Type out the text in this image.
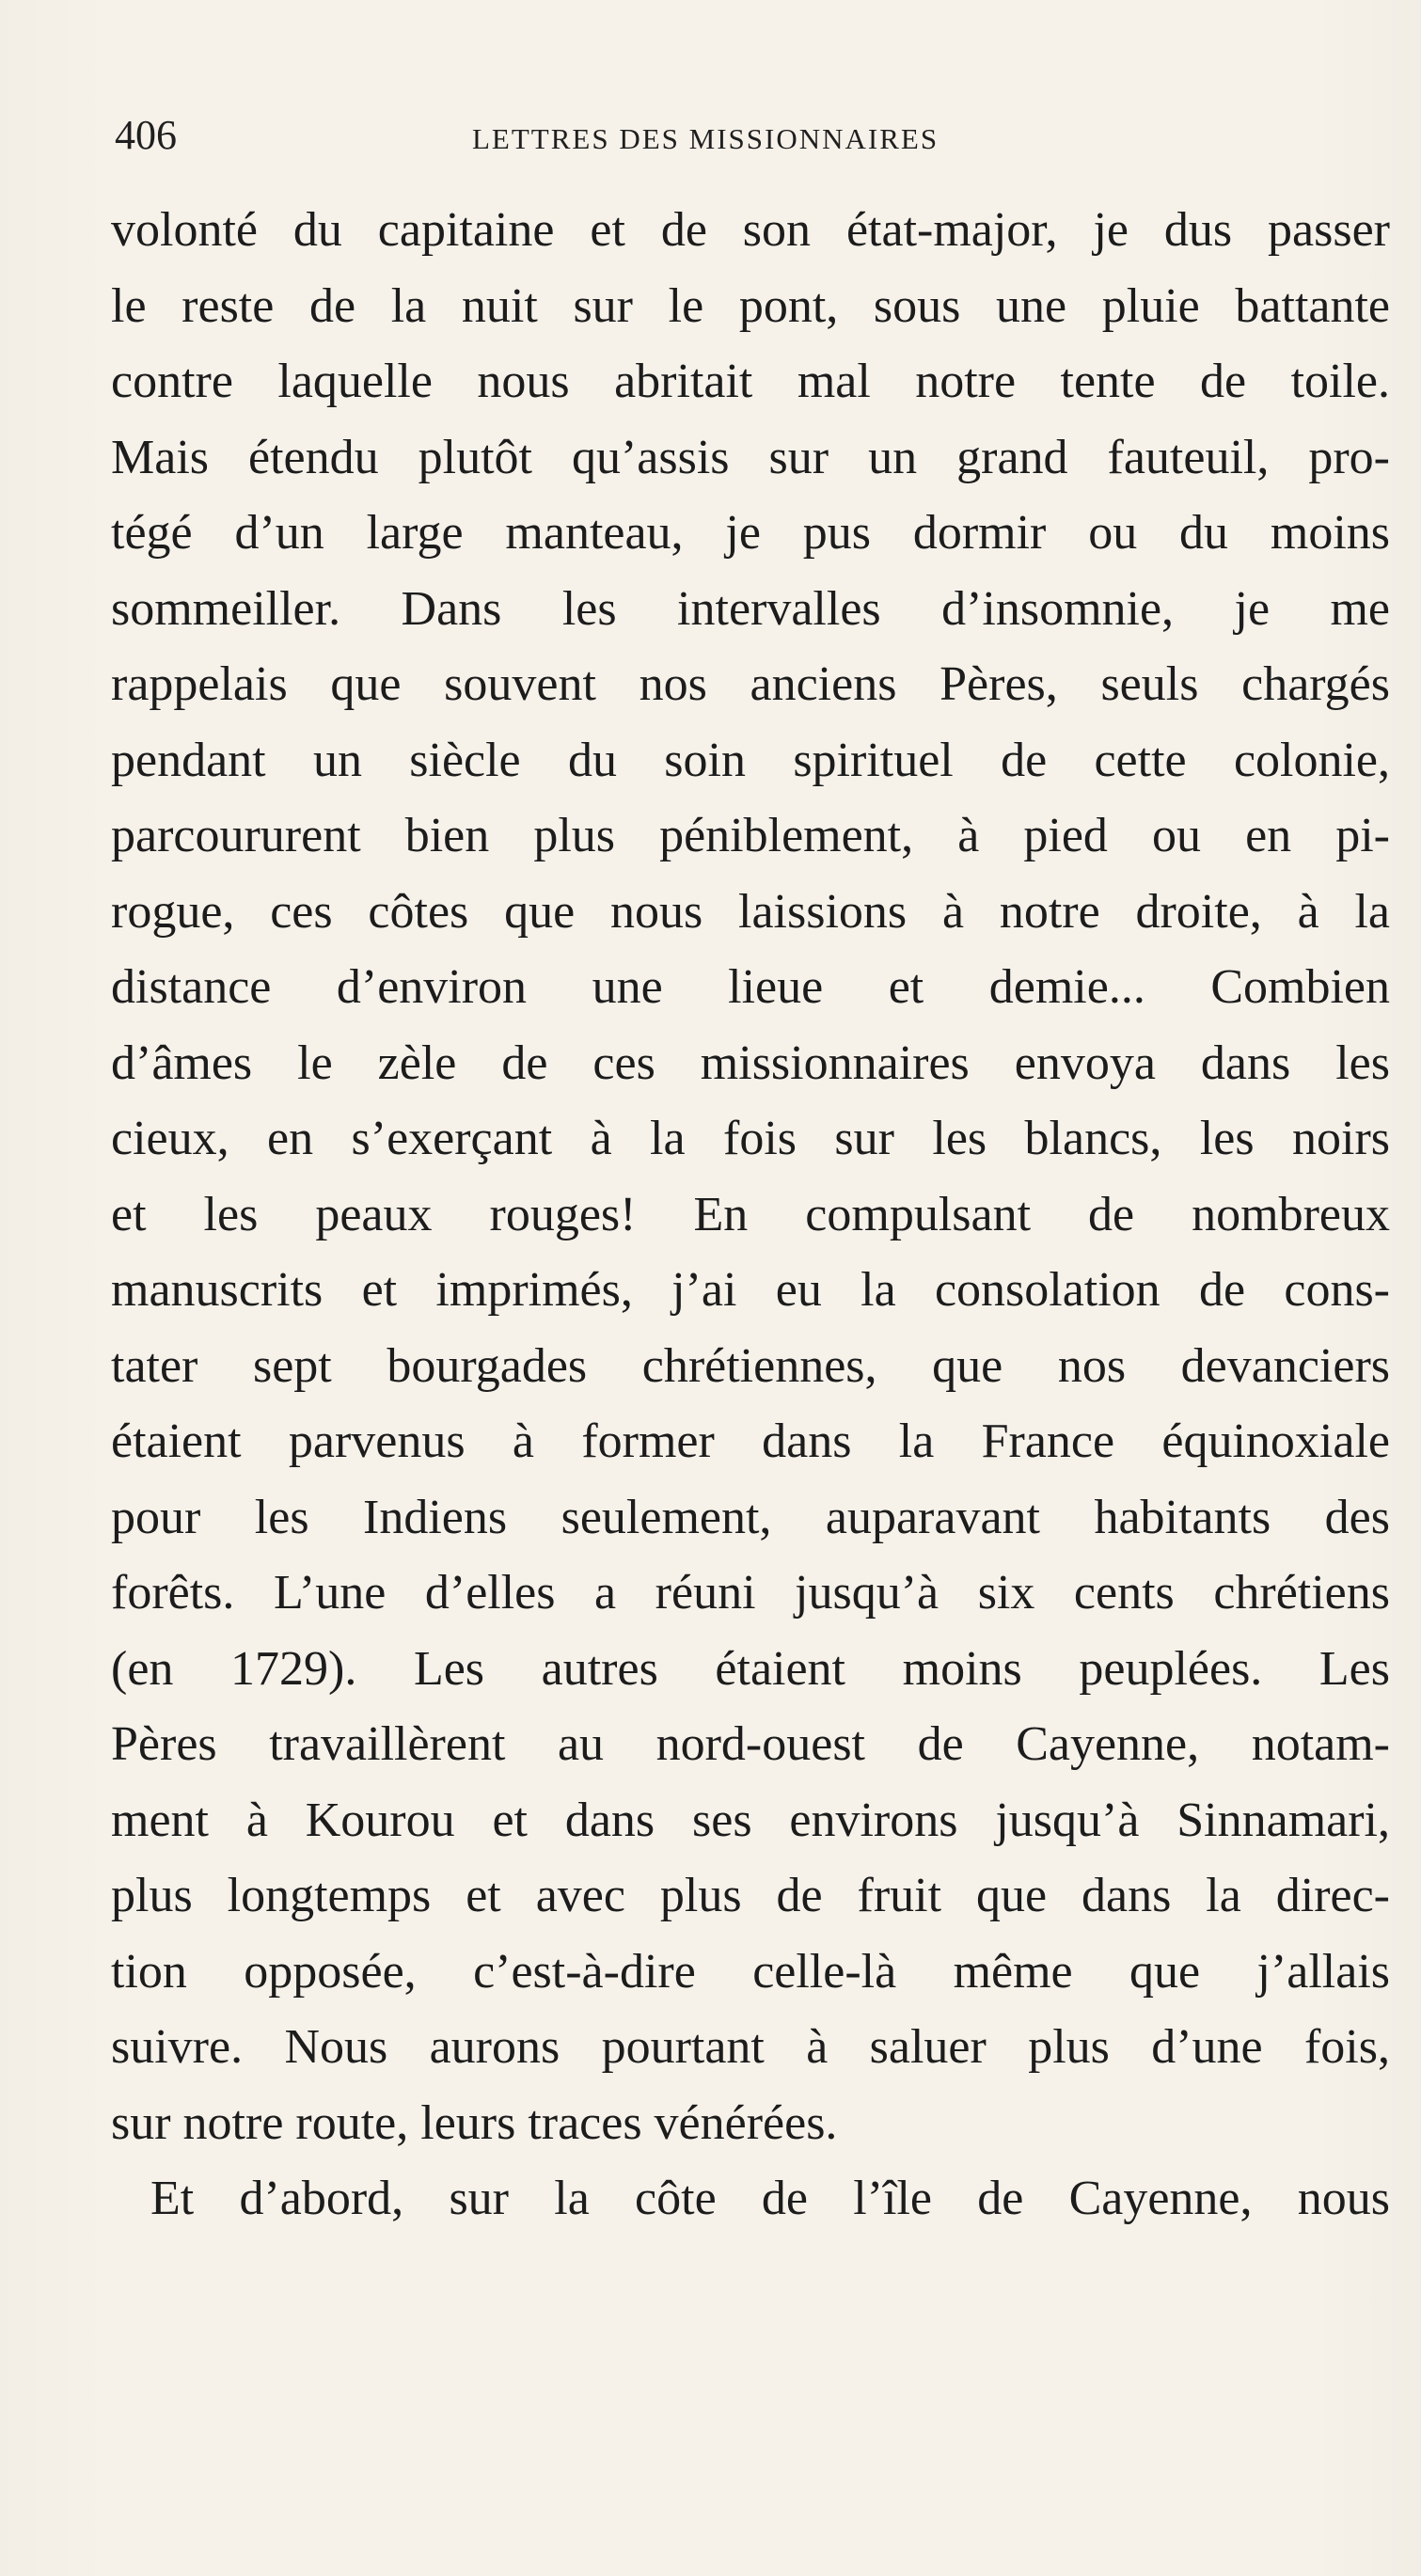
406	LETTRES DES MISSIONNAIRES
volonté du capitaine et de son état-major, je dus passer
le reste de la nuit sur le pont, sous une pluie battante
contre laquelle nous abritait mal notre tente de toile.
Mais étendu plutôt qu’assis sur un grand fauteuil, pro-
tégé d’un large manteau, je pus dormir ou du moins
sommeiller. Dans les intervalles d’insomnie, je me
rappelais que souvent nos anciens Pères, seuls chargés
pendant un siècle du soin spirituel de cette colonie,
parcoururent bien plus péniblement, à pied ou en pi-
rogue, ces côtes que nous laissions à notre droite, à la
distance d’environ une lieue et demie... Combien
d’âmes le zèle de ces missionnaires envoya dans les
cieux, en s’exerçant à la fois sur les blancs, les noirs
et les peaux rouges! En compulsant de nombreux
manuscrits et imprimés, j’ai eu la consolation de cons-
tater sept bourgades chrétiennes, que nos devanciers
étaient parvenus à former dans la France équinoxiale
pour les Indiens seulement, auparavant habitants des
forêts. L’une d’elles a réuni jusqu’à six cents chrétiens
(en 1729). Les autres étaient moins peuplées. Les
Pères travaillèrent au nord-ouest de Cayenne, notam-
ment à Kourou et dans ses environs jusqu’à Sinnamari,
plus longtemps et avec plus de fruit que dans la direc-
tion opposée, c’est-à-dire celle-là même que j’allais
suivre. Nous aurons pourtant à saluer plus d’une fois,
sur notre route, leurs traces vénérées.
Et d’abord, sur la côte de l’île de Cayenne, nous
